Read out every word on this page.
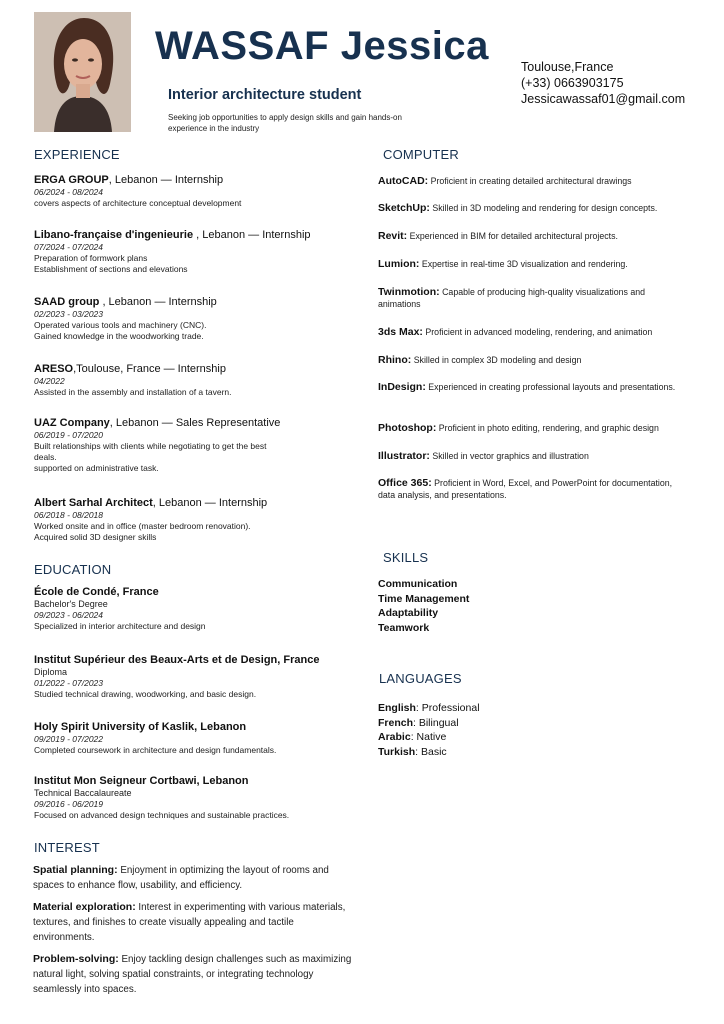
WASSAF Jessica
Interior architecture student
Seeking job opportunities to apply design skills and gain hands-on experience in the industry
Toulouse,France
(+33) 0663903175
Jessicawassaf01@gmail.com
EXPERIENCE	COMPUTER
EDUCATION
SKILLS
LANGUAGES
INTEREST
ERGA GROUP, Lebanon — Internship
06/2024 - 08/2024
covers aspects of architecture conceptual development
Libano-française d'ingenieurie , Lebanon — Internship
07/2024 - 07/2024
Preparation of formwork plans
Establishment of sections and elevations
SAAD group , Lebanon — Internship
02/2023 - 03/2023
Operated various tools and machinery (CNC).
Gained knowledge in the woodworking trade.
ARESO,Toulouse, France — Internship
04/2022
Assisted in the assembly and installation of a tavern.
UAZ Company, Lebanon — Sales Representative
06/2019 - 07/2020
Built relationships with clients while negotiating to get the best deals.
supported on administrative task.
Albert Sarhal Architect, Lebanon — Internship
06/2018 - 08/2018
Worked onsite and in office (master bedroom renovation).
Acquired solid 3D designer skills
École de Condé, France
Bachelor's Degree
09/2023 - 06/2024
Specialized in interior architecture and design
Institut Supérieur des Beaux-Arts et de Design, France
Diploma
01/2022 - 07/2023
Studied technical drawing, woodworking, and basic design.
Holy Spirit University of Kaslik, Lebanon
09/2019 - 07/2022
Completed coursework in architecture and design fundamentals.
Institut Mon Seigneur Cortbawi, Lebanon
Technical Baccalaureate
09/2016 - 06/2019
Focused on advanced design techniques and sustainable practices.
Spatial planning: Enjoyment in optimizing the layout of rooms and spaces to enhance flow, usability, and efficiency.
Material exploration: Interest in experimenting with various materials, textures, and finishes to create visually appealing and tactile environments.
Problem-solving: Enjoy tackling design challenges such as maximizing natural light, solving spatial constraints, or integrating technology seamlessly into spaces.
AutoCAD: Proficient in creating detailed architectural drawings
SketchUp: Skilled in 3D modeling and rendering for design concepts.
Revit: Experienced in BIM for detailed architectural projects.
Lumion: Expertise in real-time 3D visualization and rendering.
Twinmotion: Capable of producing high-quality visualizations and animations
3ds Max: Proficient in advanced modeling, rendering, and animation
Rhino: Skilled in complex 3D modeling and design
InDesign: Experienced in creating professional layouts and presentations.
Photoshop: Proficient in photo editing, rendering, and graphic design
Illustrator: Skilled in vector graphics and illustration
Office 365: Proficient in Word, Excel, and PowerPoint for documentation, data analysis, and presentations.
Communication
Time Management
Adaptability
Teamwork
English: Professional
French: Bilingual
Arabic: Native
Turkish: Basic
